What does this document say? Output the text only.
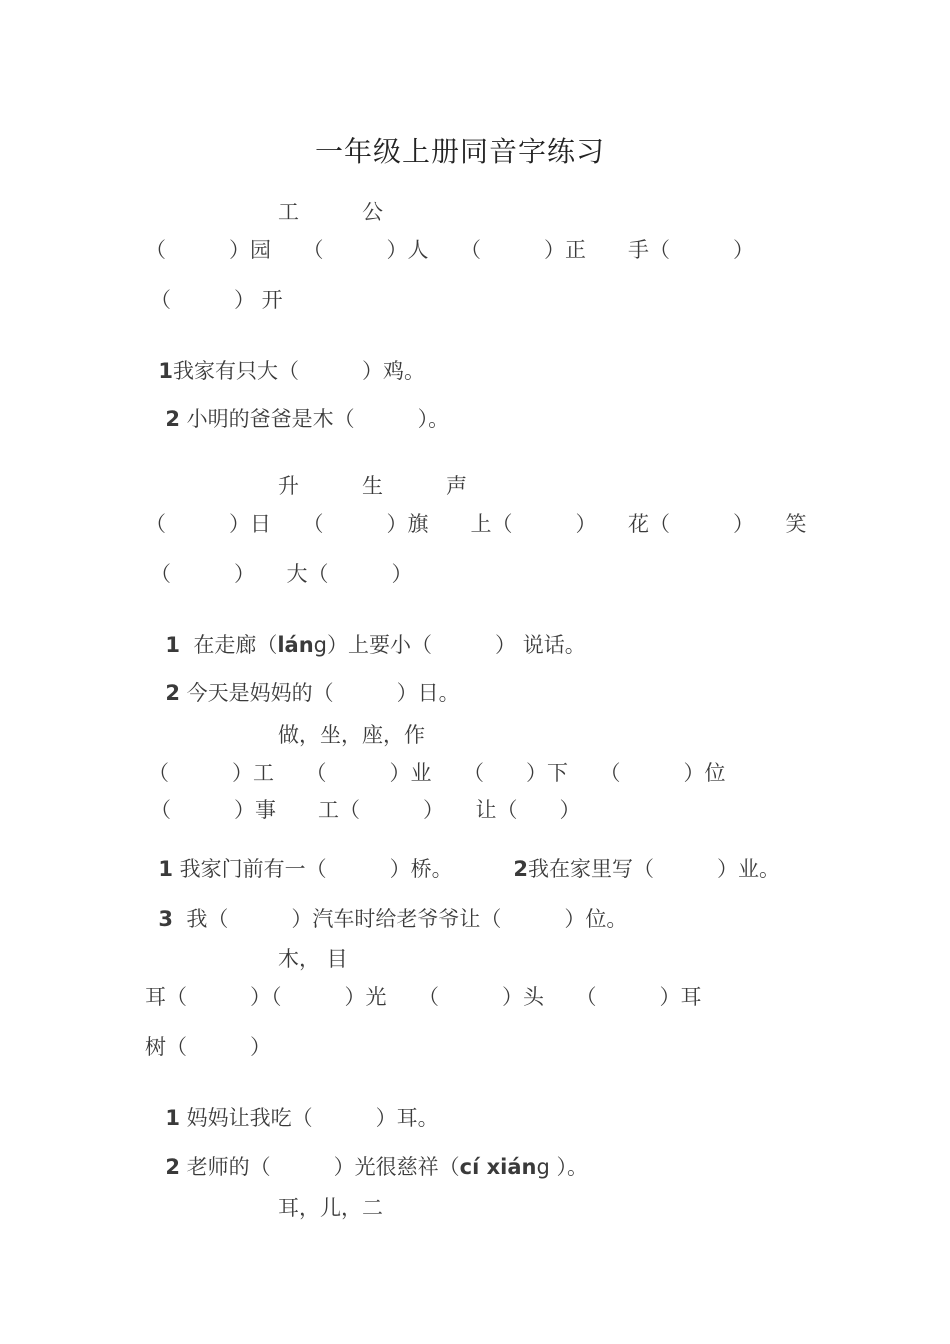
一年级上册同音字练习
工　　　公
（　　　）园　　（　　　）人　　（　　　）正　　手（　　　）
（　　　） 开

1我家有只大（　　　）鸡。

2 小明的爸爸是木（　　　）。

升　　　生　　　声
（　　　）日　　（　　　）旗　　上（　　　）　　花（　　　）　　笑
（　　　）　　大（　　　）

1 在走廊（láng）上要小（　　　） 说话。

2 今天是妈妈的（　　　）日。

做，坐，座，作
（　　　）工　　（　　　）业　　（　　）下　　（　　　）位
（　　　）事　　工（　　　）　　让（　　）

1 我家门前有一（　　　）桥。	2我在家里写（　　　）业。

3 我（　　　）汽车时给老爷爷让（　　　）位。

木， 目
耳（　　　）（　　　）光　　（　　　）头　　（　　　）耳
树（　　　）

1 妈妈让我吃（　　　）耳。

2 老师的（　　　）光很慈祥（cí xiáng ）。

耳，儿，二
